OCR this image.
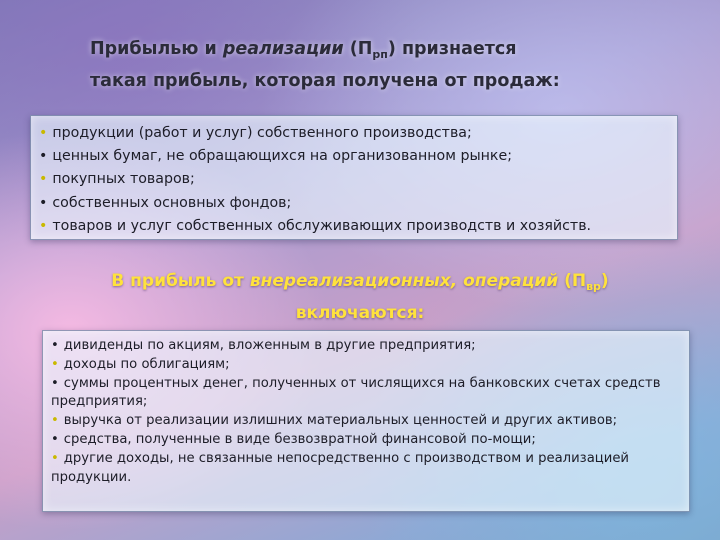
Прибылью и реализации $(П_{рп})$ признается
такая прибыль, которая получена от продаж:
• продукции (работ и услуг) собственного производства;
• ценных бумаг, не обращающихся на организованном рынке;
• покупных товаров;
• собственных основных фондов;
• товаров и услуг собственных обслуживающих производств и хозяйств.
В прибыль от внереализационных, операций $(П_{вр})$
включаются:
• дивиденды по акциям, вложенным в другие предприятия;
• доходы по облигациям;
• суммы процентных денег, полученных от числящихся на банковских счетах средств предприятия;
• выручка от реализации излишних материальных ценностей и других активов;
• средства, полученные в виде безвозвратной финансовой по-мощи;
• другие доходы, не связанные непосредственно с производством и реализацией продукции.
